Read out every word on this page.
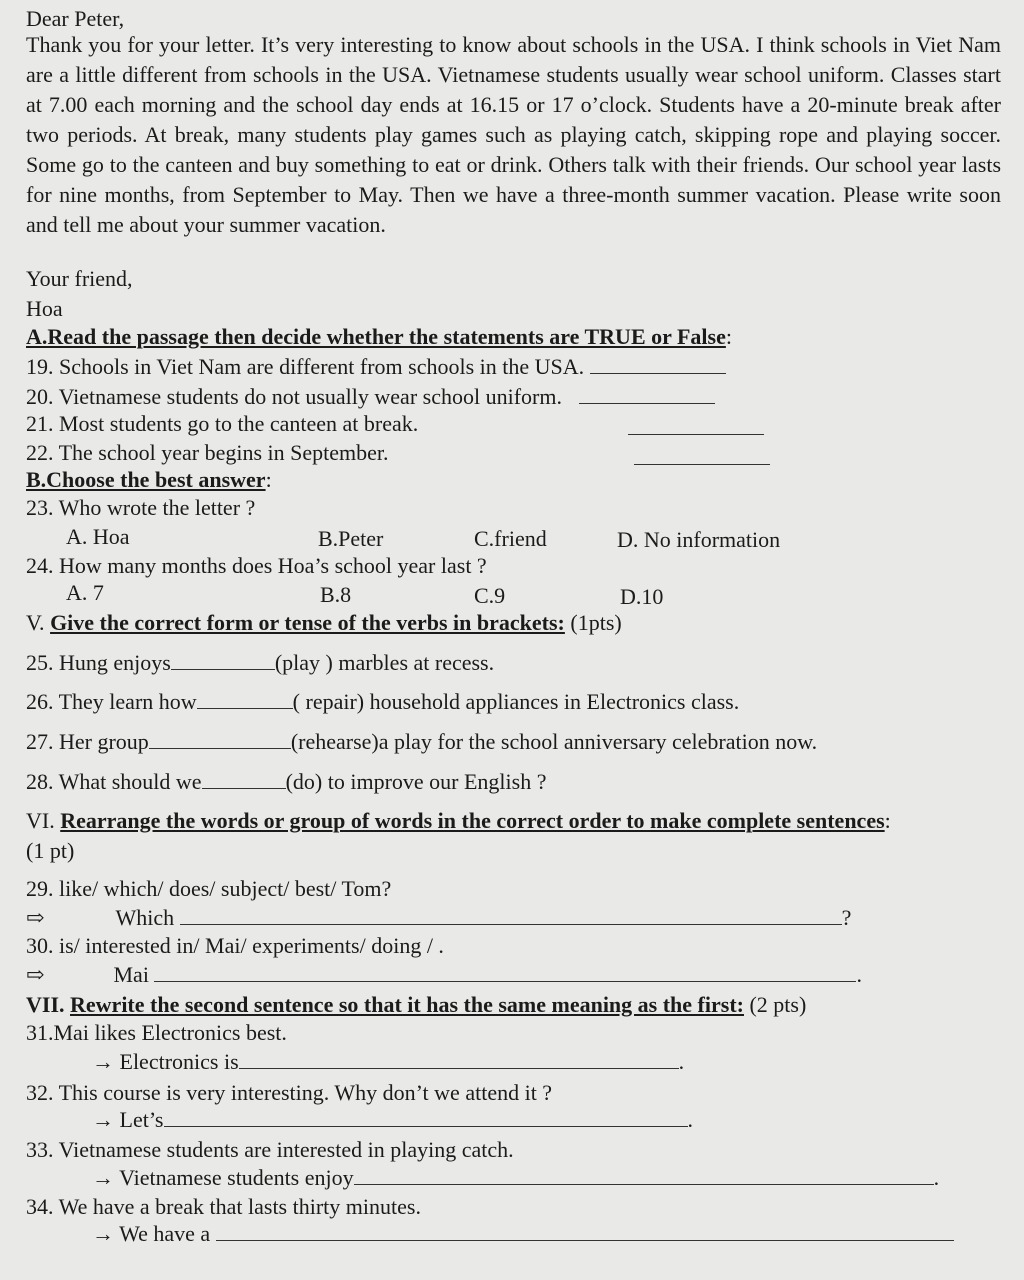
Dear Peter,
Thank you for your letter. It’s very interesting to know about schools in the USA. I think schools in Viet Nam are a little different from schools in the USA. Vietnamese students usually wear school uniform. Classes start at 7.00 each morning and the school day ends at 16.15 or 17 o’clock. Students have a 20-minute break after two periods. At break, many students play games such as playing catch, skipping rope and playing soccer. Some go to the canteen and buy something to eat or drink. Others talk with their friends. Our school year lasts for nine months, from September to May. Then we have a three-month summer vacation. Please write soon and tell me about your summer vacation.
Your friend,
Hoa
A.Read the passage then decide whether the statements are TRUE or False:
19. Schools in Viet Nam are different from schools in the USA.
20. Vietnamese students do not usually wear school uniform.
21. Most students go to the canteen at break.
22. The school year begins in September.
B.Choose the best answer:
23. Who wrote the letter ?
A. Hoa	B.Peter	C.friend	D. No information
24. How many months does Hoa’s school year last ?
A. 7	B.8	C.9	D.10
V. Give the correct form or tense of the verbs in brackets: (1pts)
25. Hung enjoys	(play ) marbles at recess.
26. They learn how	( repair) household appliances in Electronics class.
27. Her group	(rehearse)a play for the school anniversary celebration now.
28. What should we	(do) to improve our English ?
VI. Rearrange the words or group of words in the correct order to make complete sentences:
(1 pt)
29. like/ which/ does/ subject/ best/ Tom?
⇨	Which	?
30. is/ interested in/ Mai/ experiments/ doing / .
⇨	Mai	.
VII. Rewrite the second sentence so that it has the same meaning as the first: (2 pts)
31.Mai likes Electronics best.
→ Electronics is	.
32. This course is very interesting. Why don’t we attend it ?
→ Let’s	.
33. Vietnamese students are interested in playing catch.
→ Vietnamese students enjoy	.
34. We have a break that lasts thirty minutes.
→ We have a
